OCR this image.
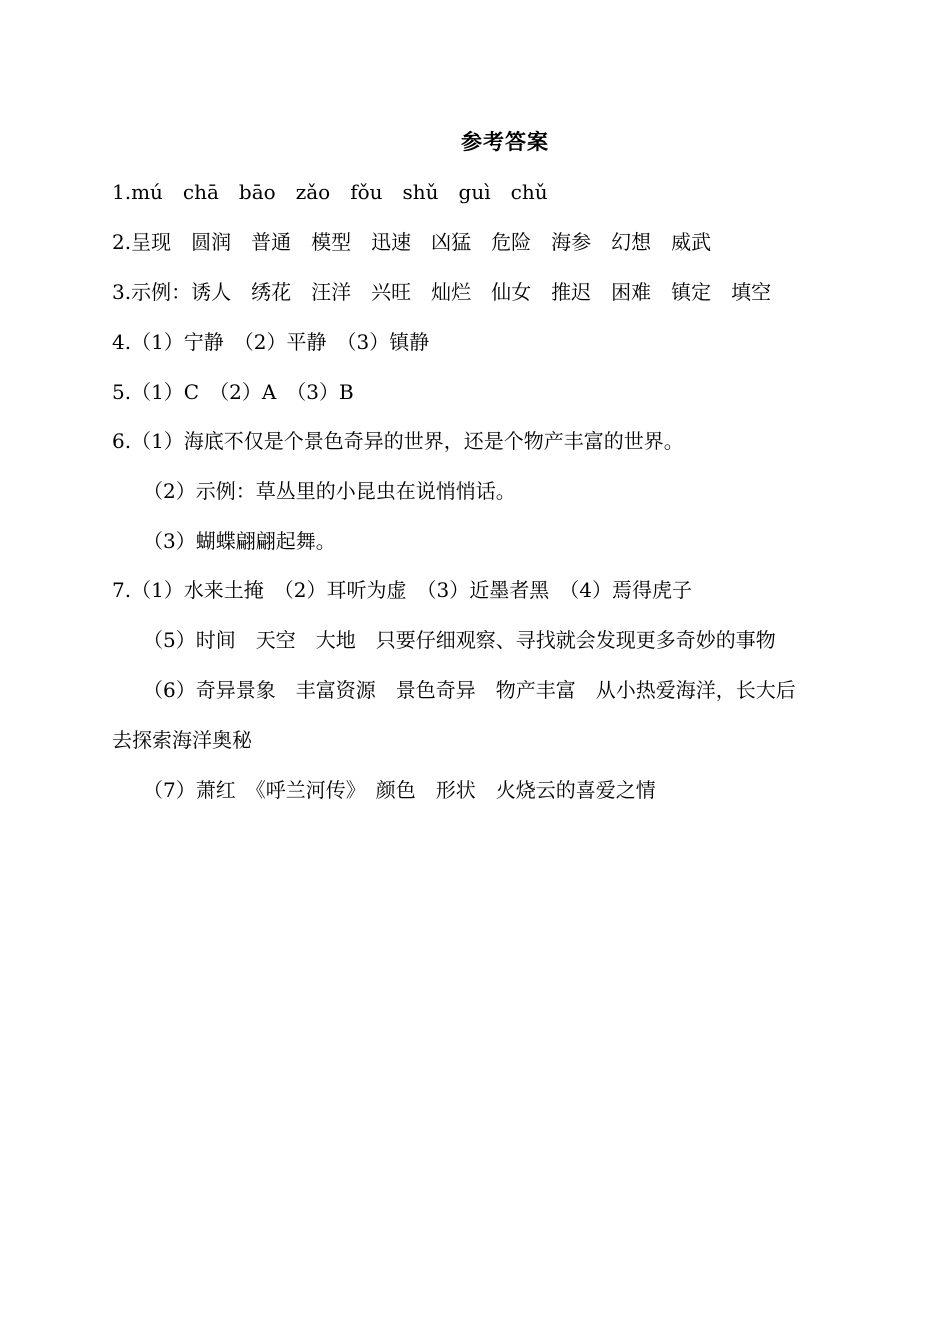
参考答案
1.mú　chā　bāo　zǎo　fǒu　shǔ　guì　chǔ
2.呈现　圆润　普通　模型　迅速　凶猛　危险　海参　幻想　威武
3.示例：诱人　绣花　汪洋　兴旺　灿烂　仙女　推迟　困难　镇定　填空
4.（1）宁静　（2）平静　（3）镇静
5.（1）C　（2）A　（3）B
6.（1）海底不仅是个景色奇异的世界，还是个物产丰富的世界。
（2）示例：草丛里的小昆虫在说悄悄话。
（3）蝴蝶翩翩起舞。
7.（1）水来土掩　（2）耳听为虚　（3）近墨者黑　（4）焉得虎子
（5）时间　天空　大地　只要仔细观察、寻找就会发现更多奇妙的事物
（6）奇异景象　丰富资源　景色奇异　物产丰富　从小热爱海洋，长大后
去探索海洋奥秘
（7）萧红　《呼兰河传》　颜色　形状　火烧云的喜爱之情
